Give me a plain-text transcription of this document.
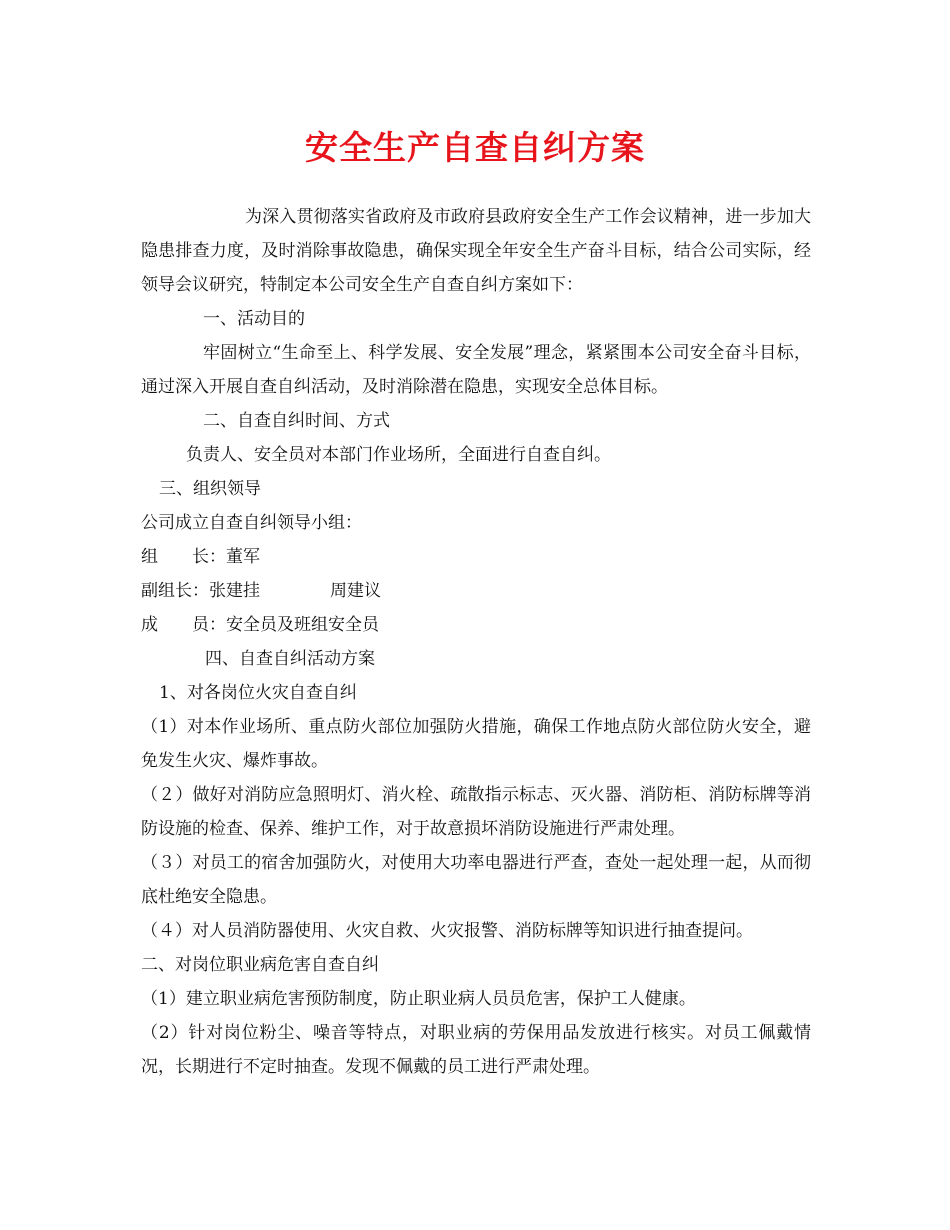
安全生产自查自纠方案

为深入贯彻落实省政府及市政府县政府安全生产工作会议精神，进一步加大隐患排查力度，及时消除事故隐患，确保实现全年安全生产奋斗目标，结合公司实际，经领导会议研究，特制定本公司安全生产自查自纠方案如下：

一、活动目的

牢固树立“生命至上、科学发展、安全发展”理念，紧紧围本公司安全奋斗目标，通过深入开展自查自纠活动，及时消除潜在隐患，实现安全总体目标。

二、自查自纠时间、方式

负责人、安全员对本部门作业场所，全面进行自查自纠。

三、组织领导

公司成立自查自纠领导小组：

组　　长：董军

副组长：张建挂	周建议

成　　员：安全员及班组安全员

四、自查自纠活动方案

1、对各岗位火灾自查自纠

（1）对本作业场所、重点防火部位加强防火措施，确保工作地点防火部位防火安全，避免发生火灾、爆炸事故。

（２）做好对消防应急照明灯、消火栓、疏散指示标志、灭火器、消防柜、消防标牌等消防设施的检查、保养、维护工作，对于故意损坏消防设施进行严肃处理。

（３）对员工的宿舍加强防火，对使用大功率电器进行严查，查处一起处理一起，从而彻底杜绝安全隐患。

（４）对人员消防器使用、火灾自救、火灾报警、消防标牌等知识进行抽查提问。

二、对岗位职业病危害自查自纠

（1）建立职业病危害预防制度，防止职业病人员员危害，保护工人健康。

（2）针对岗位粉尘、噪音等特点，对职业病的劳保用品发放进行核实。对员工佩戴情况，长期进行不定时抽查。发现不佩戴的员工进行严肃处理。
